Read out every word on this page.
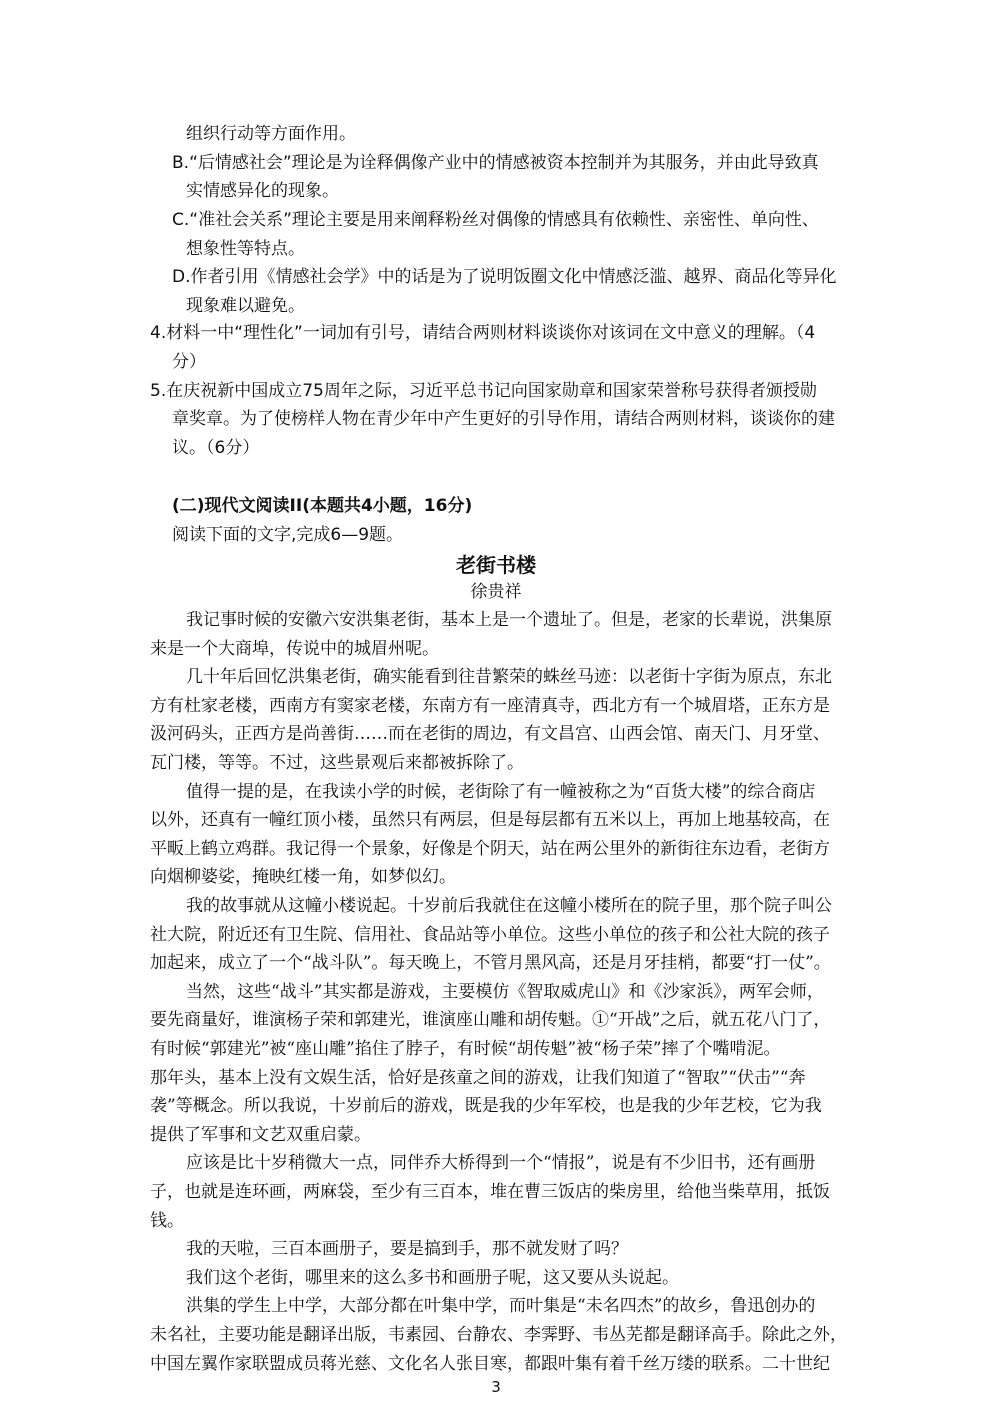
组织行动等方面作用。
B.“后情感社会”理论是为诠释偶像产业中的情感被资本控制并为其服务，并由此导致真
实情感异化的现象。
C.“准社会关系”理论主要是用来阐释粉丝对偶像的情感具有依赖性、亲密性、单向性、
想象性等特点。
D.作者引用《情感社会学》中的话是为了说明饭圈文化中情感泛滥、越界、商品化等异化
现象难以避免。
4.材料一中“理性化”一词加有引号，请结合两则材料谈谈你对该词在文中意义的理解。（4
分）
5.在庆祝新中国成立75周年之际，习近平总书记向国家勋章和国家荣誉称号获得者颁授勋
章奖章。为了使榜样人物在青少年中产生更好的引导作用，请结合两则材料，谈谈你的建
议。（6分）
(二)现代文阅读II(本题共4小题，16分)
阅读下面的文字,完成6—9题。
老街书楼
徐贵祥
我记事时候的安徽六安洪集老街，基本上是一个遗址了。但是，老家的长辈说，洪集原
来是一个大商埠，传说中的城眉州呢。
几十年后回忆洪集老街，确实能看到往昔繁荣的蛛丝马迹：以老街十字街为原点，东北
方有杜家老楼，西南方有窦家老楼，东南方有一座清真寺，西北方有一个城眉塔，正东方是
汲河码头，正西方是尚善街……而在老街的周边，有文昌宫、山西会馆、南天门、月牙堂、
瓦门楼，等等。不过，这些景观后来都被拆除了。
值得一提的是，在我读小学的时候，老街除了有一幢被称之为“百货大楼”的综合商店
以外，还真有一幢红顶小楼，虽然只有两层，但是每层都有五米以上，再加上地基较高，在
平畈上鹤立鸡群。我记得一个景象，好像是个阴天，站在两公里外的新街往东边看，老街方
向烟柳婆娑，掩映红楼一角，如梦似幻。
我的故事就从这幢小楼说起。十岁前后我就住在这幢小楼所在的院子里，那个院子叫公
社大院，附近还有卫生院、信用社、食品站等小单位。这些小单位的孩子和公社大院的孩子
加起来，成立了一个“战斗队”。每天晚上，不管月黑风高，还是月牙挂梢，都要“打一仗”。
当然，这些“战斗”其实都是游戏，主要模仿《智取威虎山》和《沙家浜》，两军会师，
要先商量好，谁演杨子荣和郭建光，谁演座山雕和胡传魁。①“开战”之后，就五花八门了，
有时候“郭建光”被“座山雕”掐住了脖子，有时候“胡传魁”被“杨子荣”摔了个嘴啃泥。
那年头，基本上没有文娱生活，恰好是孩童之间的游戏，让我们知道了“智取”“伏击”“奔
袭”等概念。所以我说，十岁前后的游戏，既是我的少年军校，也是我的少年艺校，它为我
提供了军事和文艺双重启蒙。
应该是比十岁稍微大一点，同伴乔大桥得到一个“情报”，说是有不少旧书，还有画册
子，也就是连环画，两麻袋，至少有三百本，堆在曹三饭店的柴房里，给他当柴草用，抵饭
钱。
我的天啦，三百本画册子，要是搞到手，那不就发财了吗？
我们这个老街，哪里来的这么多书和画册子呢，这又要从头说起。
洪集的学生上中学，大部分都在叶集中学，而叶集是“未名四杰”的故乡，鲁迅创办的
未名社，主要功能是翻译出版，韦素园、台静农、李霁野、韦丛芜都是翻译高手。除此之外，
中国左翼作家联盟成员蒋光慈、文化名人张目寒，都跟叶集有着千丝万缕的联系。二十世纪
3
